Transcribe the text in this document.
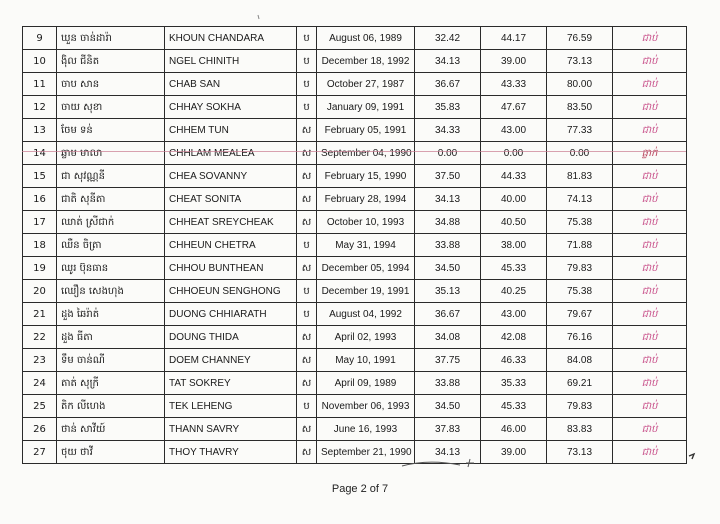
9	ឃួន ចាន់ដារ៉ា	KHOUN CHANDARA	ប	August 06, 1989	32.42	44.17	76.59	ជាប់
10	ង៉ិល ជីនិត	NGEL CHINITH	ប	December 18, 1992	34.13	39.00	73.13	ជាប់
11	ចាប សាន	CHAB SAN	ប	October 27, 1987	36.67	43.33	80.00	ជាប់
12	ចាយ សុខា	CHHAY SOKHA	ប	January 09, 1991	35.83	47.67	83.50	ជាប់
13	ចែម ទន់	CHHEM TUN	ស	February 05, 1991	34.33	43.00	77.33	ជាប់
14	ឆ្លាម មាលា	CHHLAM MEALEA	ស	September 04, 1990	0.00	0.00	0.00	ធ្លាក់
15	ជា សុវណ្ណនី	CHEA SOVANNY	ស	February 15, 1990	37.50	44.33	81.83	ជាប់
16	ជាតិ សុនីតា	CHEAT SONITA	ស	February 28, 1994	34.13	40.00	74.13	ជាប់
17	ឈាត់ ស្រីជាក់	CHHEAT SREYCHEAK	ស	October 10, 1993	34.88	40.50	75.38	ជាប់
18	ឈឺន ចិត្រា	CHHEUN CHETRA	ប	May 31, 1994	33.88	38.00	71.88	ជាប់
19	ឈូរ ប៊ុនធាន	CHHOU BUNTHEAN	ស	December 05, 1994	34.50	45.33	79.83	ជាប់
20	ឈឿន សេងហុង	CHHOEUN SENGHONG	ប	December 19, 1991	35.13	40.25	75.38	ជាប់
21	ដួង ឆៃរ៉ាត់	DUONG CHHIARATH	ប	August 04, 1992	36.67	43.00	79.67	ជាប់
22	ដួង ធីតា	DOUNG THIDA	ស	April 02, 1993	34.08	42.08	76.16	ជាប់
23	ទឹម ចាន់ណី	DOEM CHANNEY	ស	May 10, 1991	37.75	46.33	84.08	ជាប់
24	តាត់ សុក្រី	TAT SOKREY	ស	April 09, 1989	33.88	35.33	69.21	ជាប់
25	តិក លីហេង	TEK LEHENG	ប	November 06, 1993	34.50	45.33	79.83	ជាប់
26	ថាន់ សាវីយ៍	THANN SAVRY	ស	June 16, 1993	37.83	46.00	83.83	ជាប់
27	ថុយ ថាវី	THOY THAVRY	ស	September 21, 1990	34.13	39.00	73.13	ជាប់
Page 2 of 7
